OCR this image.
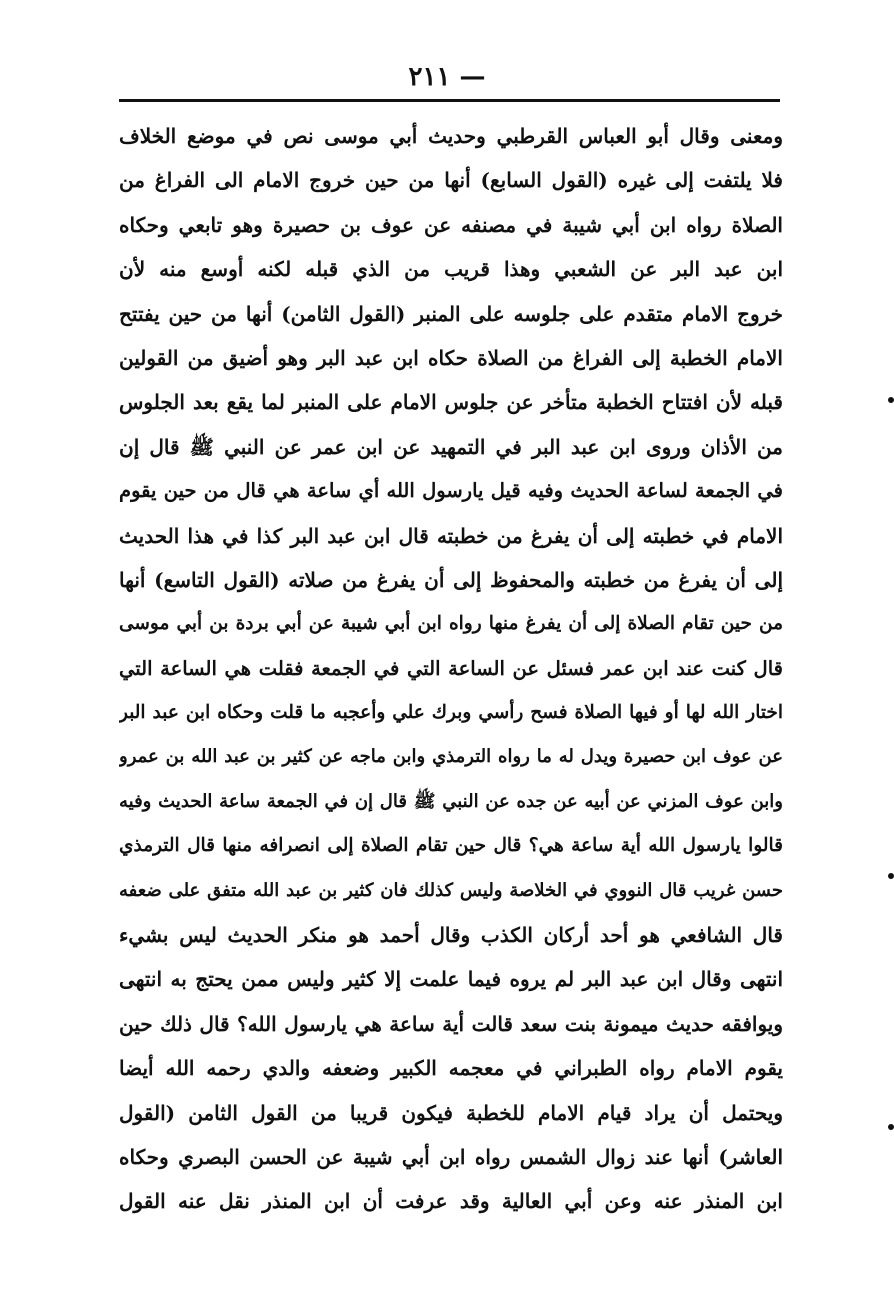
— ٢١١
ومعنى وقال أبو العباس القرطبي وحديث أبي موسى نص في موضع الخلاف
فلا يلتفت إلى غيره (القول السابع) أنها من حين خروج الامام الى الفراغ من
الصلاة رواه ابن أبي شيبة في مصنفه عن عوف بن حصيرة وهو تابعي وحكاه
ابن عبد البر عن الشعبي وهذا قريب من الذي قبله لكنه أوسع منه لأن
خروج الامام متقدم على جلوسه على المنبر (القول الثامن) أنها من حين يفتتح
الامام الخطبة إلى الفراغ من الصلاة حكاه ابن عبد البر وهو أضيق من القولين
قبله لأن افتتاح الخطبة متأخر عن جلوس الامام على المنبر لما يقع بعد الجلوس
من الأذان وروى ابن عبد البر في التمهيد عن ابن عمر عن النبي ﷺ قال إن
في الجمعة لساعة الحديث وفيه قيل يارسول الله أي ساعة هي قال من حين يقوم
الامام في خطبته إلى أن يفرغ من خطبته قال ابن عبد البر كذا في هذا الحديث
إلى أن يفرغ من خطبته والمحفوظ إلى أن يفرغ من صلاته (القول التاسع) أنها
من حين تقام الصلاة إلى أن يفرغ منها رواه ابن أبي شيبة عن أبي بردة بن أبي موسى
قال كنت عند ابن عمر فسئل عن الساعة التي في الجمعة فقلت هي الساعة التي
اختار الله لها أو فيها الصلاة فسح رأسي وبرك علي وأعجبه ما قلت وحكاه ابن عبد البر
عن عوف ابن حصيرة ويدل له ما رواه الترمذي وابن ماجه عن كثير بن عبد الله بن عمرو
وابن عوف المزني عن أبيه عن جده عن النبي ﷺ قال إن في الجمعة ساعة الحديث وفيه
قالوا يارسول الله أية ساعة هي؟ قال حين تقام الصلاة إلى انصرافه منها قال الترمذي
حسن غريب قال النووي في الخلاصة وليس كذلك فان كثير بن عبد الله متفق على ضعفه
قال الشافعي هو أحد أركان الكذب وقال أحمد هو منكر الحديث ليس بشيء
انتهى وقال ابن عبد البر لم يروه فيما علمت إلا كثير وليس ممن يحتج به انتهى
ويوافقه حديث ميمونة بنت سعد قالت أية ساعة هي يارسول الله؟ قال ذلك حين
يقوم الامام رواه الطبراني في معجمه الكبير وضعفه والدي رحمه الله أيضا
ويحتمل أن يراد قيام الامام للخطبة فيكون قريبا من القول الثامن (القول
العاشر) أنها عند زوال الشمس رواه ابن أبي شيبة عن الحسن البصري وحكاه
ابن المنذر عنه وعن أبي العالية وقد عرفت أن ابن المنذر نقل عنه القول
